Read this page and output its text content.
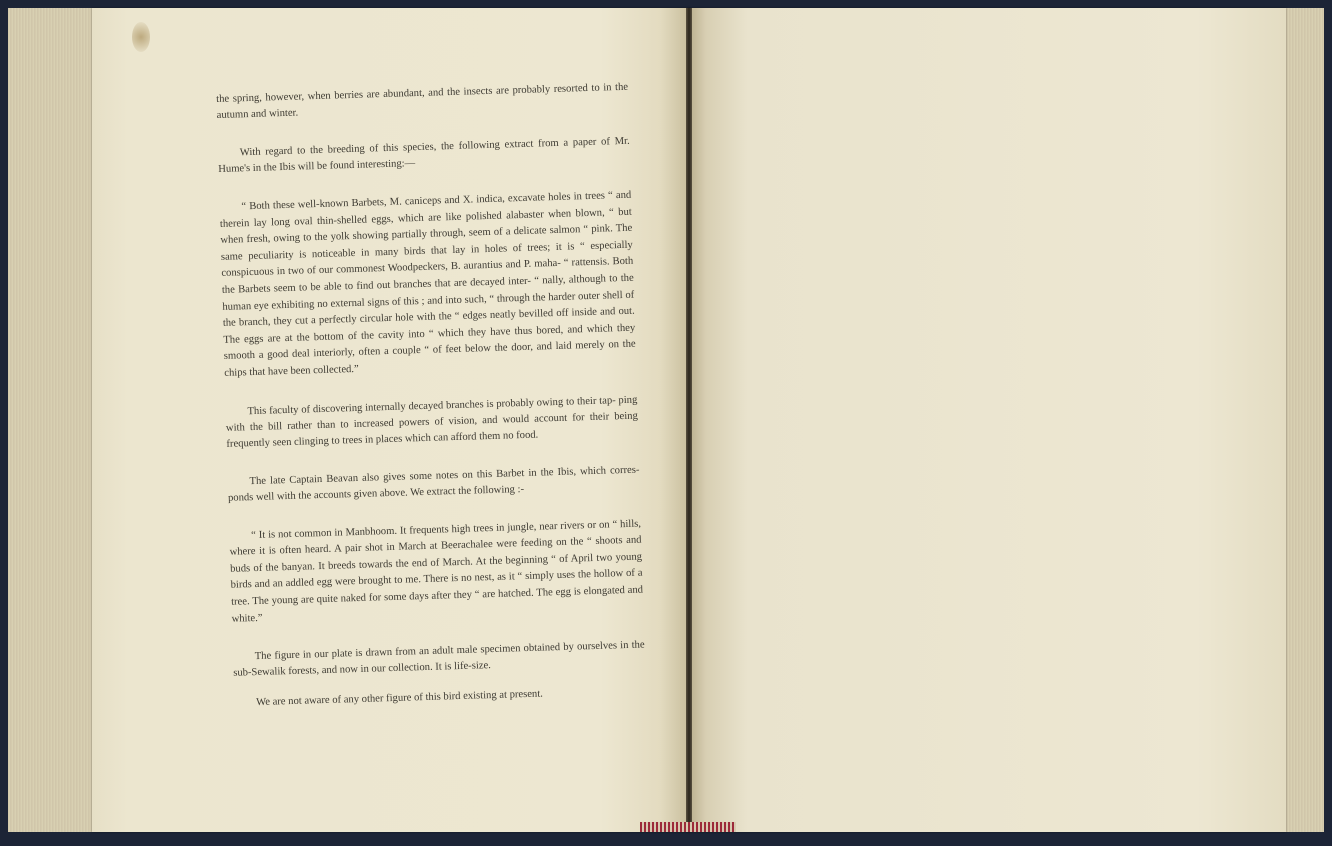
the spring, however, when berries are abundant, and the insects are probably resorted to in the autumn and winter.

With regard to the breeding of this species, the following extract from a paper of Mr. Hume's in the Ibis will be found interesting:—

“ Both these well-known Barbets, M. caniceps and X. indica, excavate holes in trees “ and therein lay long oval thin-shelled eggs, which are like polished alabaster when blown, “ but when fresh, owing to the yolk showing partially through, seem of a delicate salmon “ pink. The same peculiarity is noticeable in many birds that lay in holes of trees; it is “ especially conspicuous in two of our commonest Woodpeckers, B. aurantius and P. maha- “ rattensis. Both the Barbets seem to be able to find out branches that are decayed inter- “ nally, although to the human eye exhibiting no external signs of this ; and into such, “ through the harder outer shell of the branch, they cut a perfectly circular hole with the “ edges neatly bevilled off inside and out. The eggs are at the bottom of the cavity into “ which they have thus bored, and which they smooth a good deal interiorly, often a couple “ of feet below the door, and laid merely on the chips that have been collected.”

This faculty of discovering internally decayed branches is probably owing to their tap- ping with the bill rather than to increased powers of vision, and would account for their being frequently seen clinging to trees in places which can afford them no food.

The late Captain Beavan also gives some notes on this Barbet in the Ibis, which corres- ponds well with the accounts given above. We extract the following :-

“ It is not common in Manbhoom. It frequents high trees in jungle, near rivers or on “ hills, where it is often heard. A pair shot in March at Beerachalee were feeding on the “ shoots and buds of the banyan. It breeds towards the end of March. At the beginning “ of April two young birds and an addled egg were brought to me. There is no nest, as it “ simply uses the hollow of a tree. The young are quite naked for some days after they “ are hatched. The egg is elongated and white.”

The figure in our plate is drawn from an adult male specimen obtained by ourselves in the sub-Sewalik forests, and now in our collection. It is life-size.

We are not aware of any other figure of this bird existing at present.
